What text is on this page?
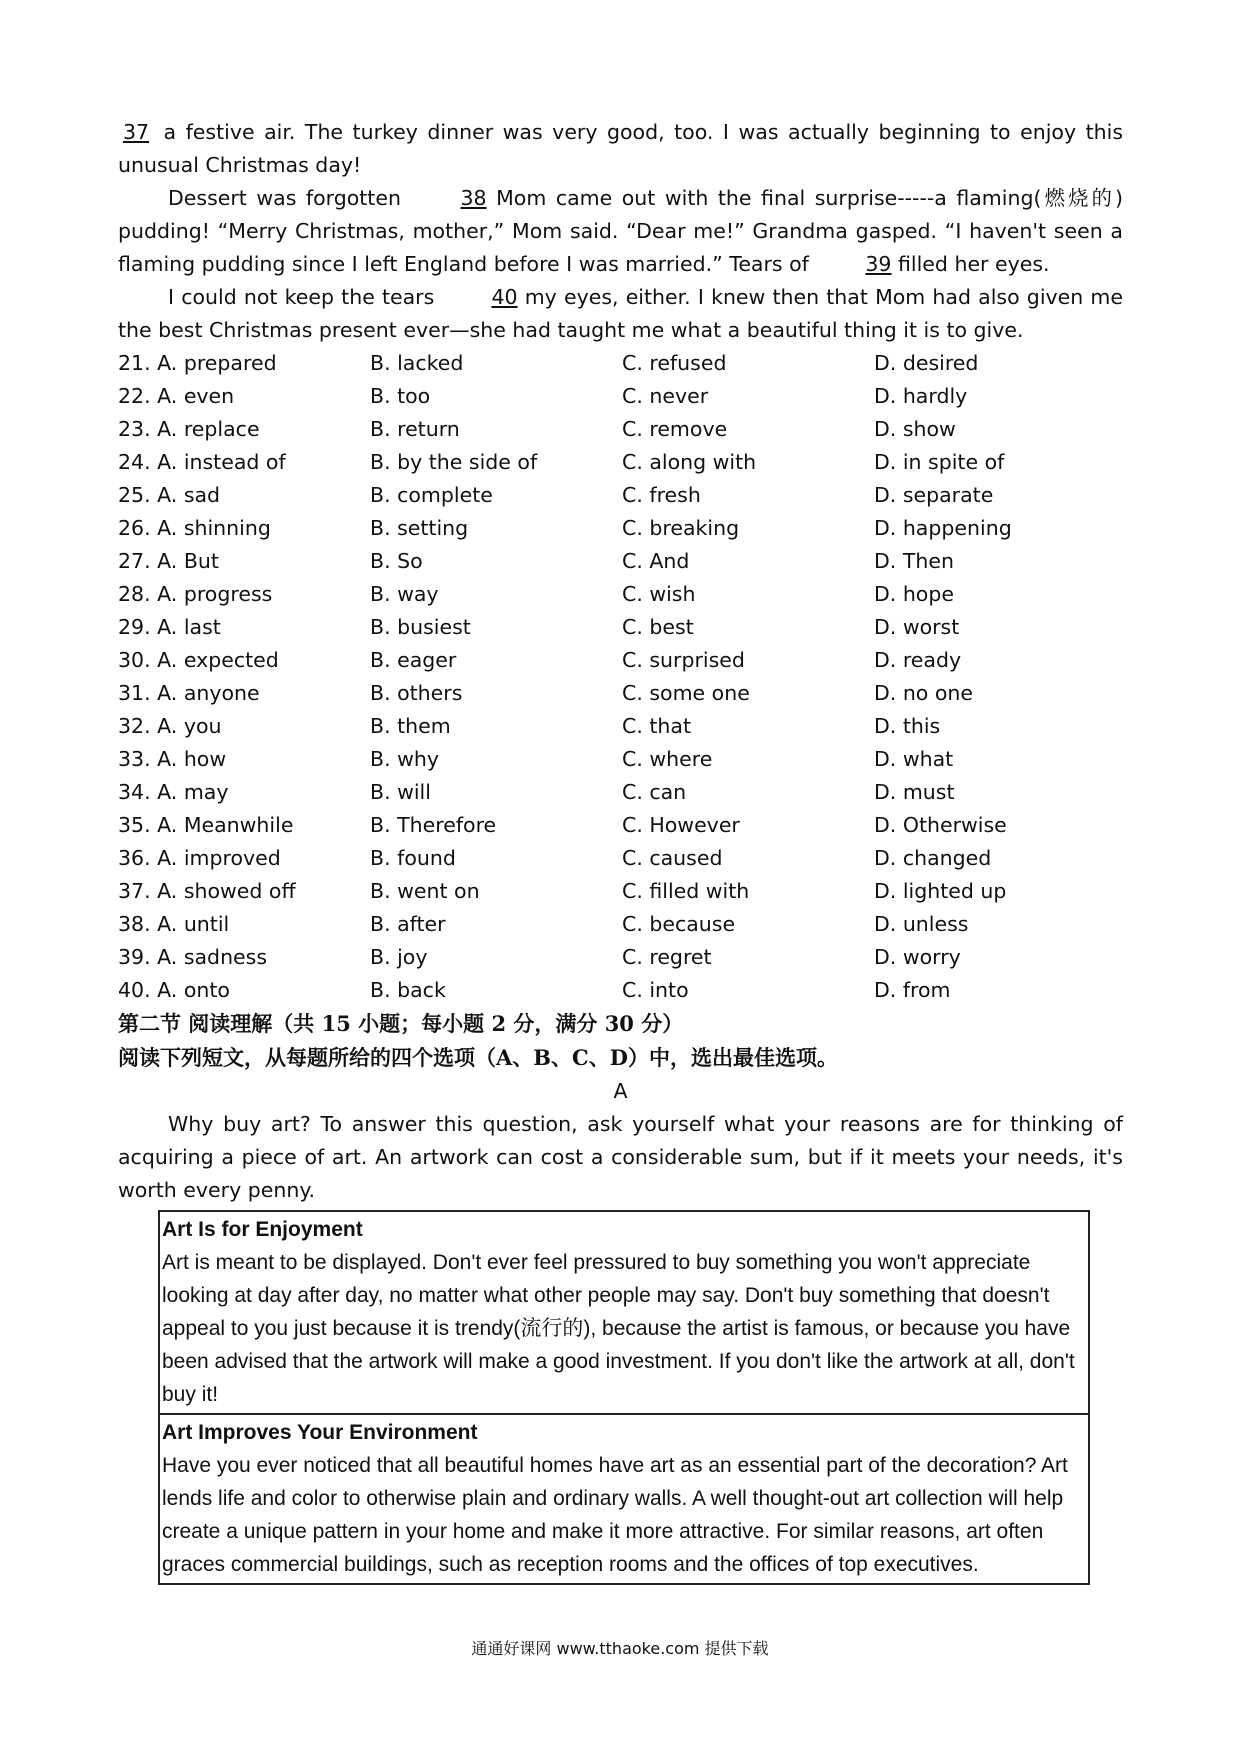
37 a festive air. The turkey dinner was very good, too. I was actually beginning to enjoy this unusual Christmas day!

Dessert was forgotten 38 Mom came out with the final surprise-----a flaming(燃烧的) pudding! “Merry Christmas, mother,” Mom said. “Dear me!” Grandma gasped. “I haven't seen a flaming pudding since I left England before I was married.” Tears of 39 filled her eyes.

I could not keep the tears 40 my eyes, either. I knew then that Mom had also given me the best Christmas present ever—she had taught me what a beautiful thing it is to give.

21. A. prepared	B. lacked	C. refused	D. desired
22. A. even	B. too	C. never	D. hardly
23. A. replace	B. return	C. remove	D. show
24. A. instead of	B. by the side of	C. along with	D. in spite of
25. A. sad	B. complete	C. fresh	D. separate
26. A. shinning	B. setting	C. breaking	D. happening
27. A. But	B. So	C. And	D. Then
28. A. progress	B. way	C. wish	D. hope
29. A. last	B. busiest	C. best	D. worst
30. A. expected	B. eager	C. surprised	D. ready
31. A. anyone	B. others	C. some one	D. no one
32. A. you	B. them	C. that	D. this
33. A. how	B. why	C. where	D. what
34. A. may	B. will	C. can	D. must
35. A. Meanwhile	B. Therefore	C. However	D. Otherwise
36. A. improved	B. found	C. caused	D. changed
37. A. showed off	B. went on	C. filled with	D. lighted up
38. A. until	B. after	C. because	D. unless
39. A. sadness	B. joy	C. regret	D. worry
40. A. onto	B. back	C. into	D. from
第二节 阅读理解（共 15 小题；每小题 2 分，满分 30 分）
阅读下列短文，从每题所给的四个选项（A、B、C、D）中，选出最佳选项。

A

Why buy art? To answer this question, ask yourself what your reasons are for thinking of acquiring a piece of art. An artwork can cost a considerable sum, but if it meets your needs, it's worth every penny.

Art Is for Enjoyment
Art is meant to be displayed. Don't ever feel pressured to buy something you won't appreciate looking at day after day, no matter what other people may say. Don't buy something that doesn't appeal to you just because it is trendy(流行的), because the artist is famous, or because you have been advised that the artwork will make a good investment. If you don't like the artwork at all, don't buy it!
Art Improves Your Environment
Have you ever noticed that all beautiful homes have art as an essential part of the decoration? Art lends life and color to otherwise plain and ordinary walls. A well thought-out art collection will help create a unique pattern in your home and make it more attractive. For similar reasons, art often graces commercial buildings, such as reception rooms and the offices of top executives.
通通好课网 www.tthaoke.com 提供下载
